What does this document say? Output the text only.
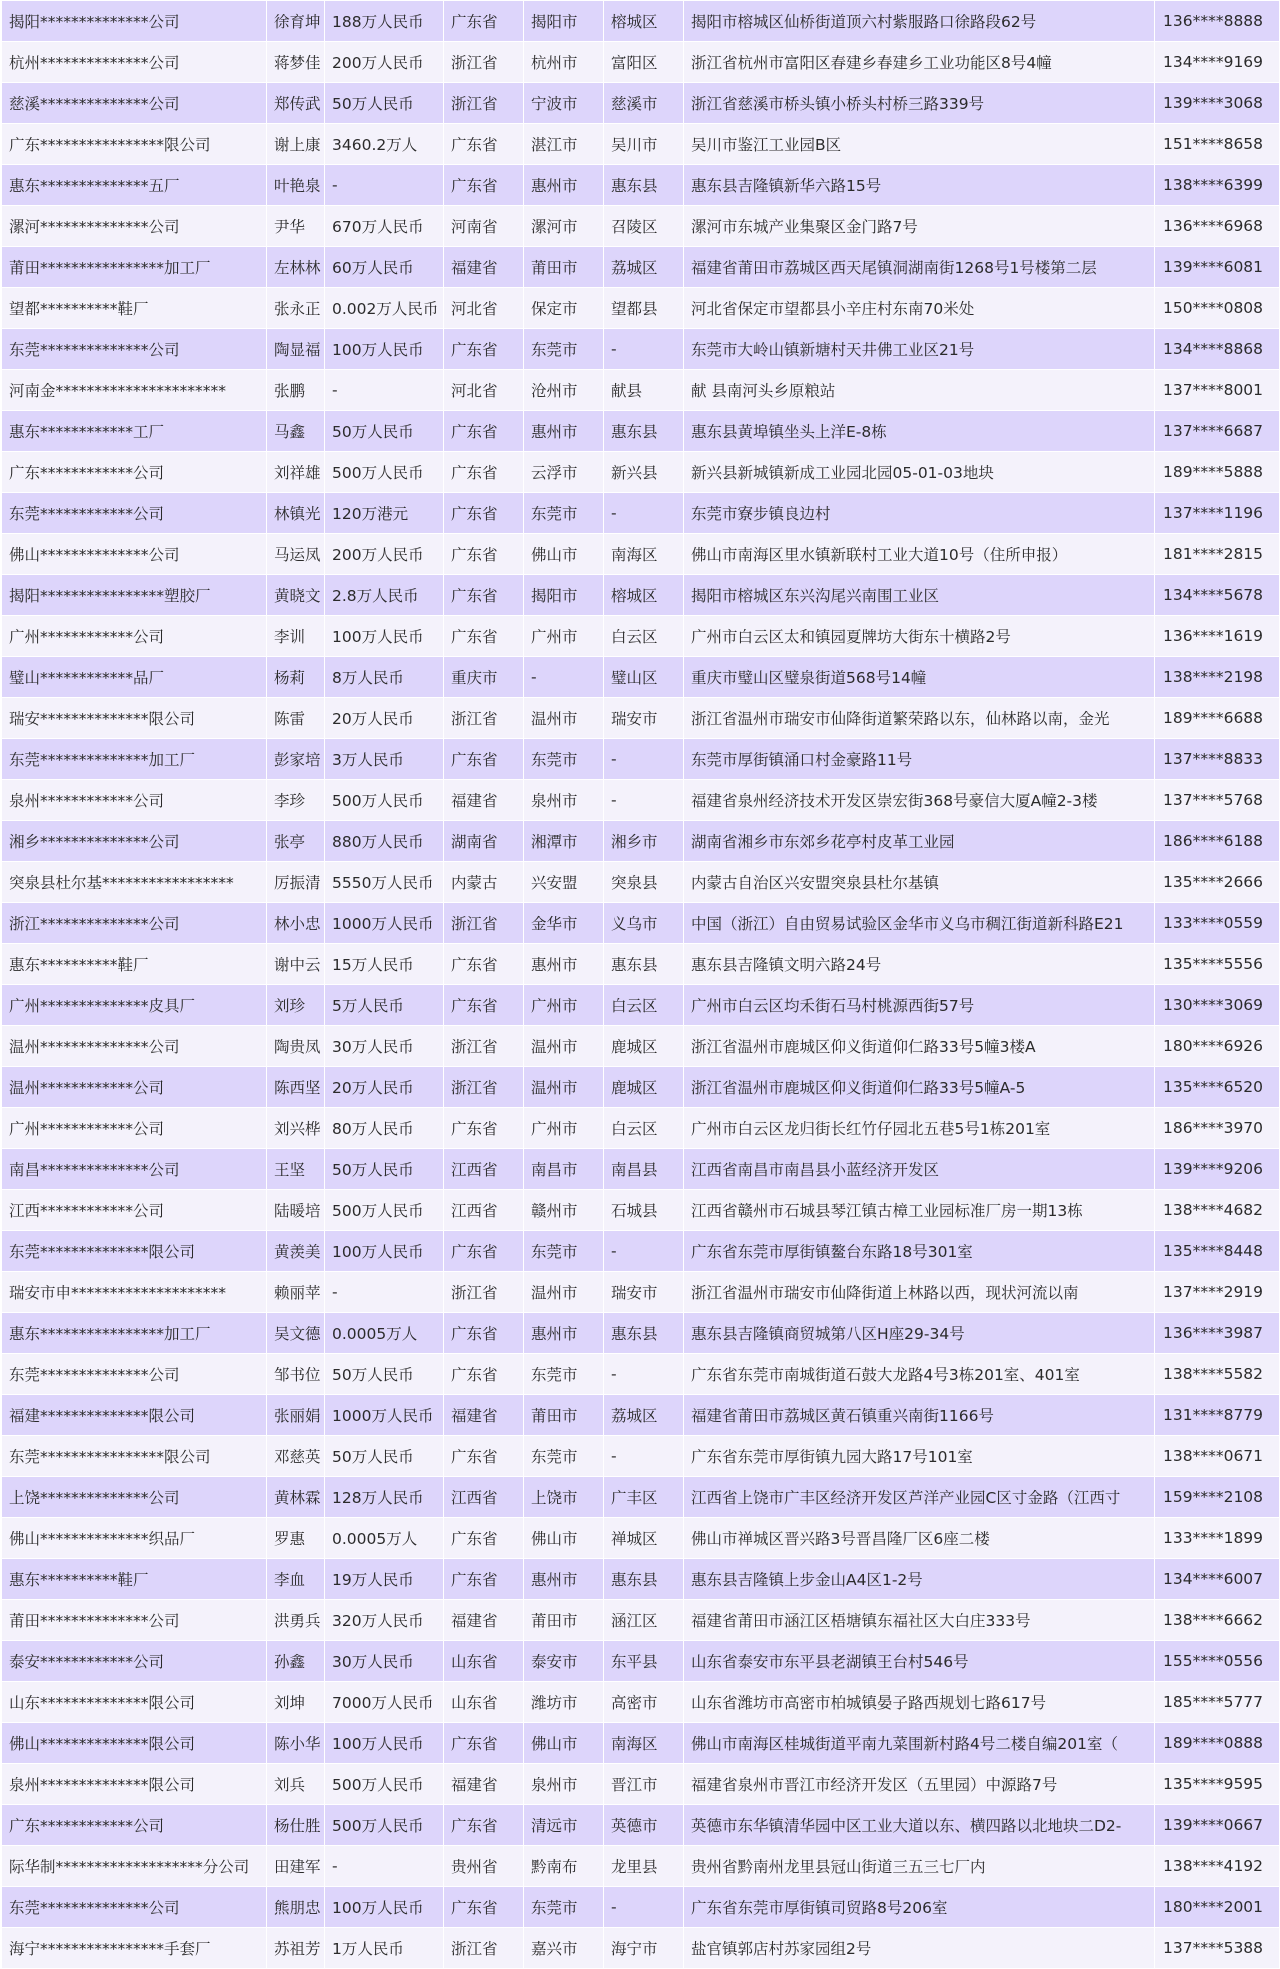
揭阳**************公司	徐育坤	188万人民币	广东省	揭阳市	榕城区	揭阳市榕城区仙桥街道顶六村紫服路口徐路段62号	136****8888
杭州**************公司	蒋梦佳	200万人民币	浙江省	杭州市	富阳区	浙江省杭州市富阳区春建乡春建乡工业功能区8号4幢	134****9169
慈溪**************公司	郑传武	50万人民币	浙江省	宁波市	慈溪市	浙江省慈溪市桥头镇小桥头村桥三路339号	139****3068
广东****************限公司	谢上康	3460.2万人	广东省	湛江市	吴川市	吴川市鉴江工业园B区	151****8658
惠东**************五厂	叶艳泉	-	广东省	惠州市	惠东县	惠东县吉隆镇新华六路15号	138****6399
漯河**************公司	尹华	670万人民币	河南省	漯河市	召陵区	漯河市东城产业集聚区金门路7号	136****6968
莆田****************加工厂	左林林	60万人民币	福建省	莆田市	荔城区	福建省莆田市荔城区西天尾镇洞湖南街1268号1号楼第二层	139****6081
望都**********鞋厂	张永正	0.002万人民币	河北省	保定市	望都县	河北省保定市望都县小辛庄村东南70米处	150****0808
东莞**************公司	陶显福	100万人民币	广东省	东莞市	-	东莞市大岭山镇新塘村天井佛工业区21号	134****8868
河南金**********************	张鹏	-	河北省	沧州市	献县	献 县南河头乡原粮站	137****8001
惠东************工厂	马鑫	50万人民币	广东省	惠州市	惠东县	惠东县黄埠镇坐头上洋E-8栋	137****6687
广东************公司	刘祥雄	500万人民币	广东省	云浮市	新兴县	新兴县新城镇新成工业园北园05-01-03地块	189****5888
东莞************公司	林镇光	120万港元	广东省	东莞市	-	东莞市寮步镇良边村	137****1196
佛山**************公司	马运凤	200万人民币	广东省	佛山市	南海区	佛山市南海区里水镇新联村工业大道10号（住所申报）	181****2815
揭阳****************塑胶厂	黄晓文	2.8万人民币	广东省	揭阳市	榕城区	揭阳市榕城区东兴沟尾兴南围工业区	134****5678
广州************公司	李训	100万人民币	广东省	广州市	白云区	广州市白云区太和镇园夏牌坊大街东十横路2号	136****1619
璧山************品厂	杨莉	8万人民币	重庆市	-	璧山区	重庆市璧山区璧泉街道568号14幢	138****2198
瑞安**************限公司	陈雷	20万人民币	浙江省	温州市	瑞安市	浙江省温州市瑞安市仙降街道繁荣路以东，仙林路以南，金光	189****6688
东莞**************加工厂	彭家培	3万人民币	广东省	东莞市	-	东莞市厚街镇涌口村金豪路11号	137****8833
泉州************公司	李珍	500万人民币	福建省	泉州市	-	福建省泉州经济技术开发区崇宏街368号豪信大厦A幢2-3楼	137****5768
湘乡**************公司	张亭	880万人民币	湖南省	湘潭市	湘乡市	湖南省湘乡市东郊乡花亭村皮革工业园	186****6188
突泉县杜尔基*****************	厉振清	5550万人民币	内蒙古	兴安盟	突泉县	内蒙古自治区兴安盟突泉县杜尔基镇	135****2666
浙江**************公司	林小忠	1000万人民币	浙江省	金华市	义乌市	中国（浙江）自由贸易试验区金华市义乌市稠江街道新科路E21	133****0559
惠东**********鞋厂	谢中云	15万人民币	广东省	惠州市	惠东县	惠东县吉隆镇文明六路24号	135****5556
广州**************皮具厂	刘珍	5万人民币	广东省	广州市	白云区	广州市白云区均禾街石马村桃源西街57号	130****3069
温州**************公司	陶贵凤	30万人民币	浙江省	温州市	鹿城区	浙江省温州市鹿城区仰义街道仰仁路33号5幢3楼A	180****6926
温州************公司	陈西坚	20万人民币	浙江省	温州市	鹿城区	浙江省温州市鹿城区仰义街道仰仁路33号5幢A-5	135****6520
广州************公司	刘兴桦	80万人民币	广东省	广州市	白云区	广州市白云区龙归街长红竹仔园北五巷5号1栋201室	186****3970
南昌**************公司	王坚	50万人民币	江西省	南昌市	南昌县	江西省南昌市南昌县小蓝经济开发区	139****9206
江西************公司	陆暖培	500万人民币	江西省	赣州市	石城县	江西省赣州市石城县琴江镇古樟工业园标准厂房一期13栋	138****4682
东莞**************限公司	黄羡美	100万人民币	广东省	东莞市	-	广东省东莞市厚街镇鳌台东路18号301室	135****8448
瑞安市申********************	赖丽苹	-	浙江省	温州市	瑞安市	浙江省温州市瑞安市仙降街道上林路以西，现状河流以南	137****2919
惠东****************加工厂	吴文德	0.0005万人	广东省	惠州市	惠东县	惠东县吉隆镇商贸城第八区H座29-34号	136****3987
东莞**************公司	邹书位	50万人民币	广东省	东莞市	-	广东省东莞市南城街道石鼓大龙路4号3栋201室、401室	138****5582
福建**************限公司	张丽娟	1000万人民币	福建省	莆田市	荔城区	福建省莆田市荔城区黄石镇重兴南街1166号	131****8779
东莞****************限公司	邓慈英	50万人民币	广东省	东莞市	-	广东省东莞市厚街镇九园大路17号101室	138****0671
上饶**************公司	黄林霖	128万人民币	江西省	上饶市	广丰区	江西省上饶市广丰区经济开发区芦洋产业园C区寸金路（江西寸	159****2108
佛山**************织品厂	罗惠	0.0005万人	广东省	佛山市	禅城区	佛山市禅城区晋兴路3号晋昌隆厂区6座二楼	133****1899
惠东**********鞋厂	李血	19万人民币	广东省	惠州市	惠东县	惠东县吉隆镇上步金山A4区1-2号	134****6007
莆田**************公司	洪勇兵	320万人民币	福建省	莆田市	涵江区	福建省莆田市涵江区梧塘镇东福社区大白庄333号	138****6662
泰安************公司	孙鑫	30万人民币	山东省	泰安市	东平县	山东省泰安市东平县老湖镇王台村546号	155****0556
山东**************限公司	刘坤	7000万人民币	山东省	潍坊市	高密市	山东省潍坊市高密市柏城镇晏子路西规划七路617号	185****5777
佛山**************限公司	陈小华	100万人民币	广东省	佛山市	南海区	佛山市南海区桂城街道平南九菜围新村路4号二楼自编201室（	189****0888
泉州**************限公司	刘兵	500万人民币	福建省	泉州市	晋江市	福建省泉州市晋江市经济开发区（五里园）中源路7号	135****9595
广东************公司	杨仕胜	500万人民币	广东省	清远市	英德市	英德市东华镇清华园中区工业大道以东、横四路以北地块二D2-	139****0667
际华制*******************分公司	田建军	-	贵州省	黔南布	龙里县	贵州省黔南州龙里县冠山街道三五三七厂内	138****4192
东莞**************公司	熊朋忠	100万人民币	广东省	东莞市	-	广东省东莞市厚街镇司贸路8号206室	180****2001
海宁****************手套厂	苏祖芳	1万人民币	浙江省	嘉兴市	海宁市	盐官镇郭店村苏家园组2号	137****5388
